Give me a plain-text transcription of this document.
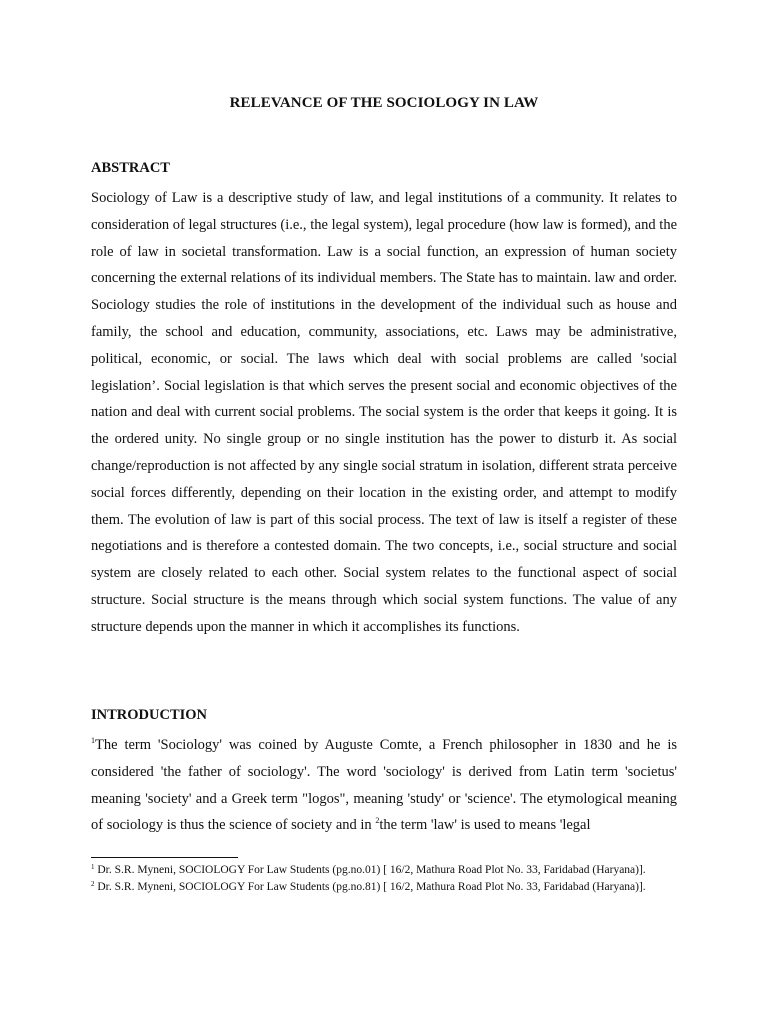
RELEVANCE OF THE SOCIOLOGY IN LAW
ABSTRACT
Sociology of Law is a descriptive study of law, and legal institutions of a community. It relates to consideration of legal structures (i.e., the legal system), legal procedure (how law is formed), and the role of law in societal transformation. Law is a social function, an expression of human society concerning the external relations of its individual members. The State has to maintain. law and order. Sociology studies the role of institutions in the development of the individual such as house and family, the school and education, community, associations, etc. Laws may be administrative, political, economic, or social. The laws which deal with social problems are called 'social legislation’. Social legislation is that which serves the present social and economic objectives of the nation and deal with current social problems. The social system is the order that keeps it going. It is the ordered unity. No single group or no single institution has the power to disturb it. As social change/reproduction is not affected by any single social stratum in isolation, different strata perceive social forces differently, depending on their location in the existing order, and attempt to modify them. The evolution of law is part of this social process. The text of law is itself a register of these negotiations and is therefore a contested domain. The two concepts, i.e., social structure and social system are closely related to each other. Social system relates to the functional aspect of social structure. Social structure is the means through which social system functions. The value of any structure depends upon the manner in which it accomplishes its functions.
INTRODUCTION
$^1$The term 'Sociology' was coined by Auguste Comte, a French philosopher in 1830 and he is considered 'the father of sociology'. The word 'sociology' is derived from Latin term 'societus' meaning 'society' and a Greek term "logos", meaning 'study' or 'science'. The etymological meaning of sociology is thus the science of society and in $^2$the term 'law' is used to means 'legal

$^1$ Dr. S.R. Myneni, SOCIOLOGY For Law Students (pg.no.01) [ 16/2, Mathura Road Plot No. 33, Faridabad (Haryana)].

$^2$ Dr. S.R. Myneni, SOCIOLOGY For Law Students (pg.no.81) [ 16/2, Mathura Road Plot No. 33, Faridabad (Haryana)].
